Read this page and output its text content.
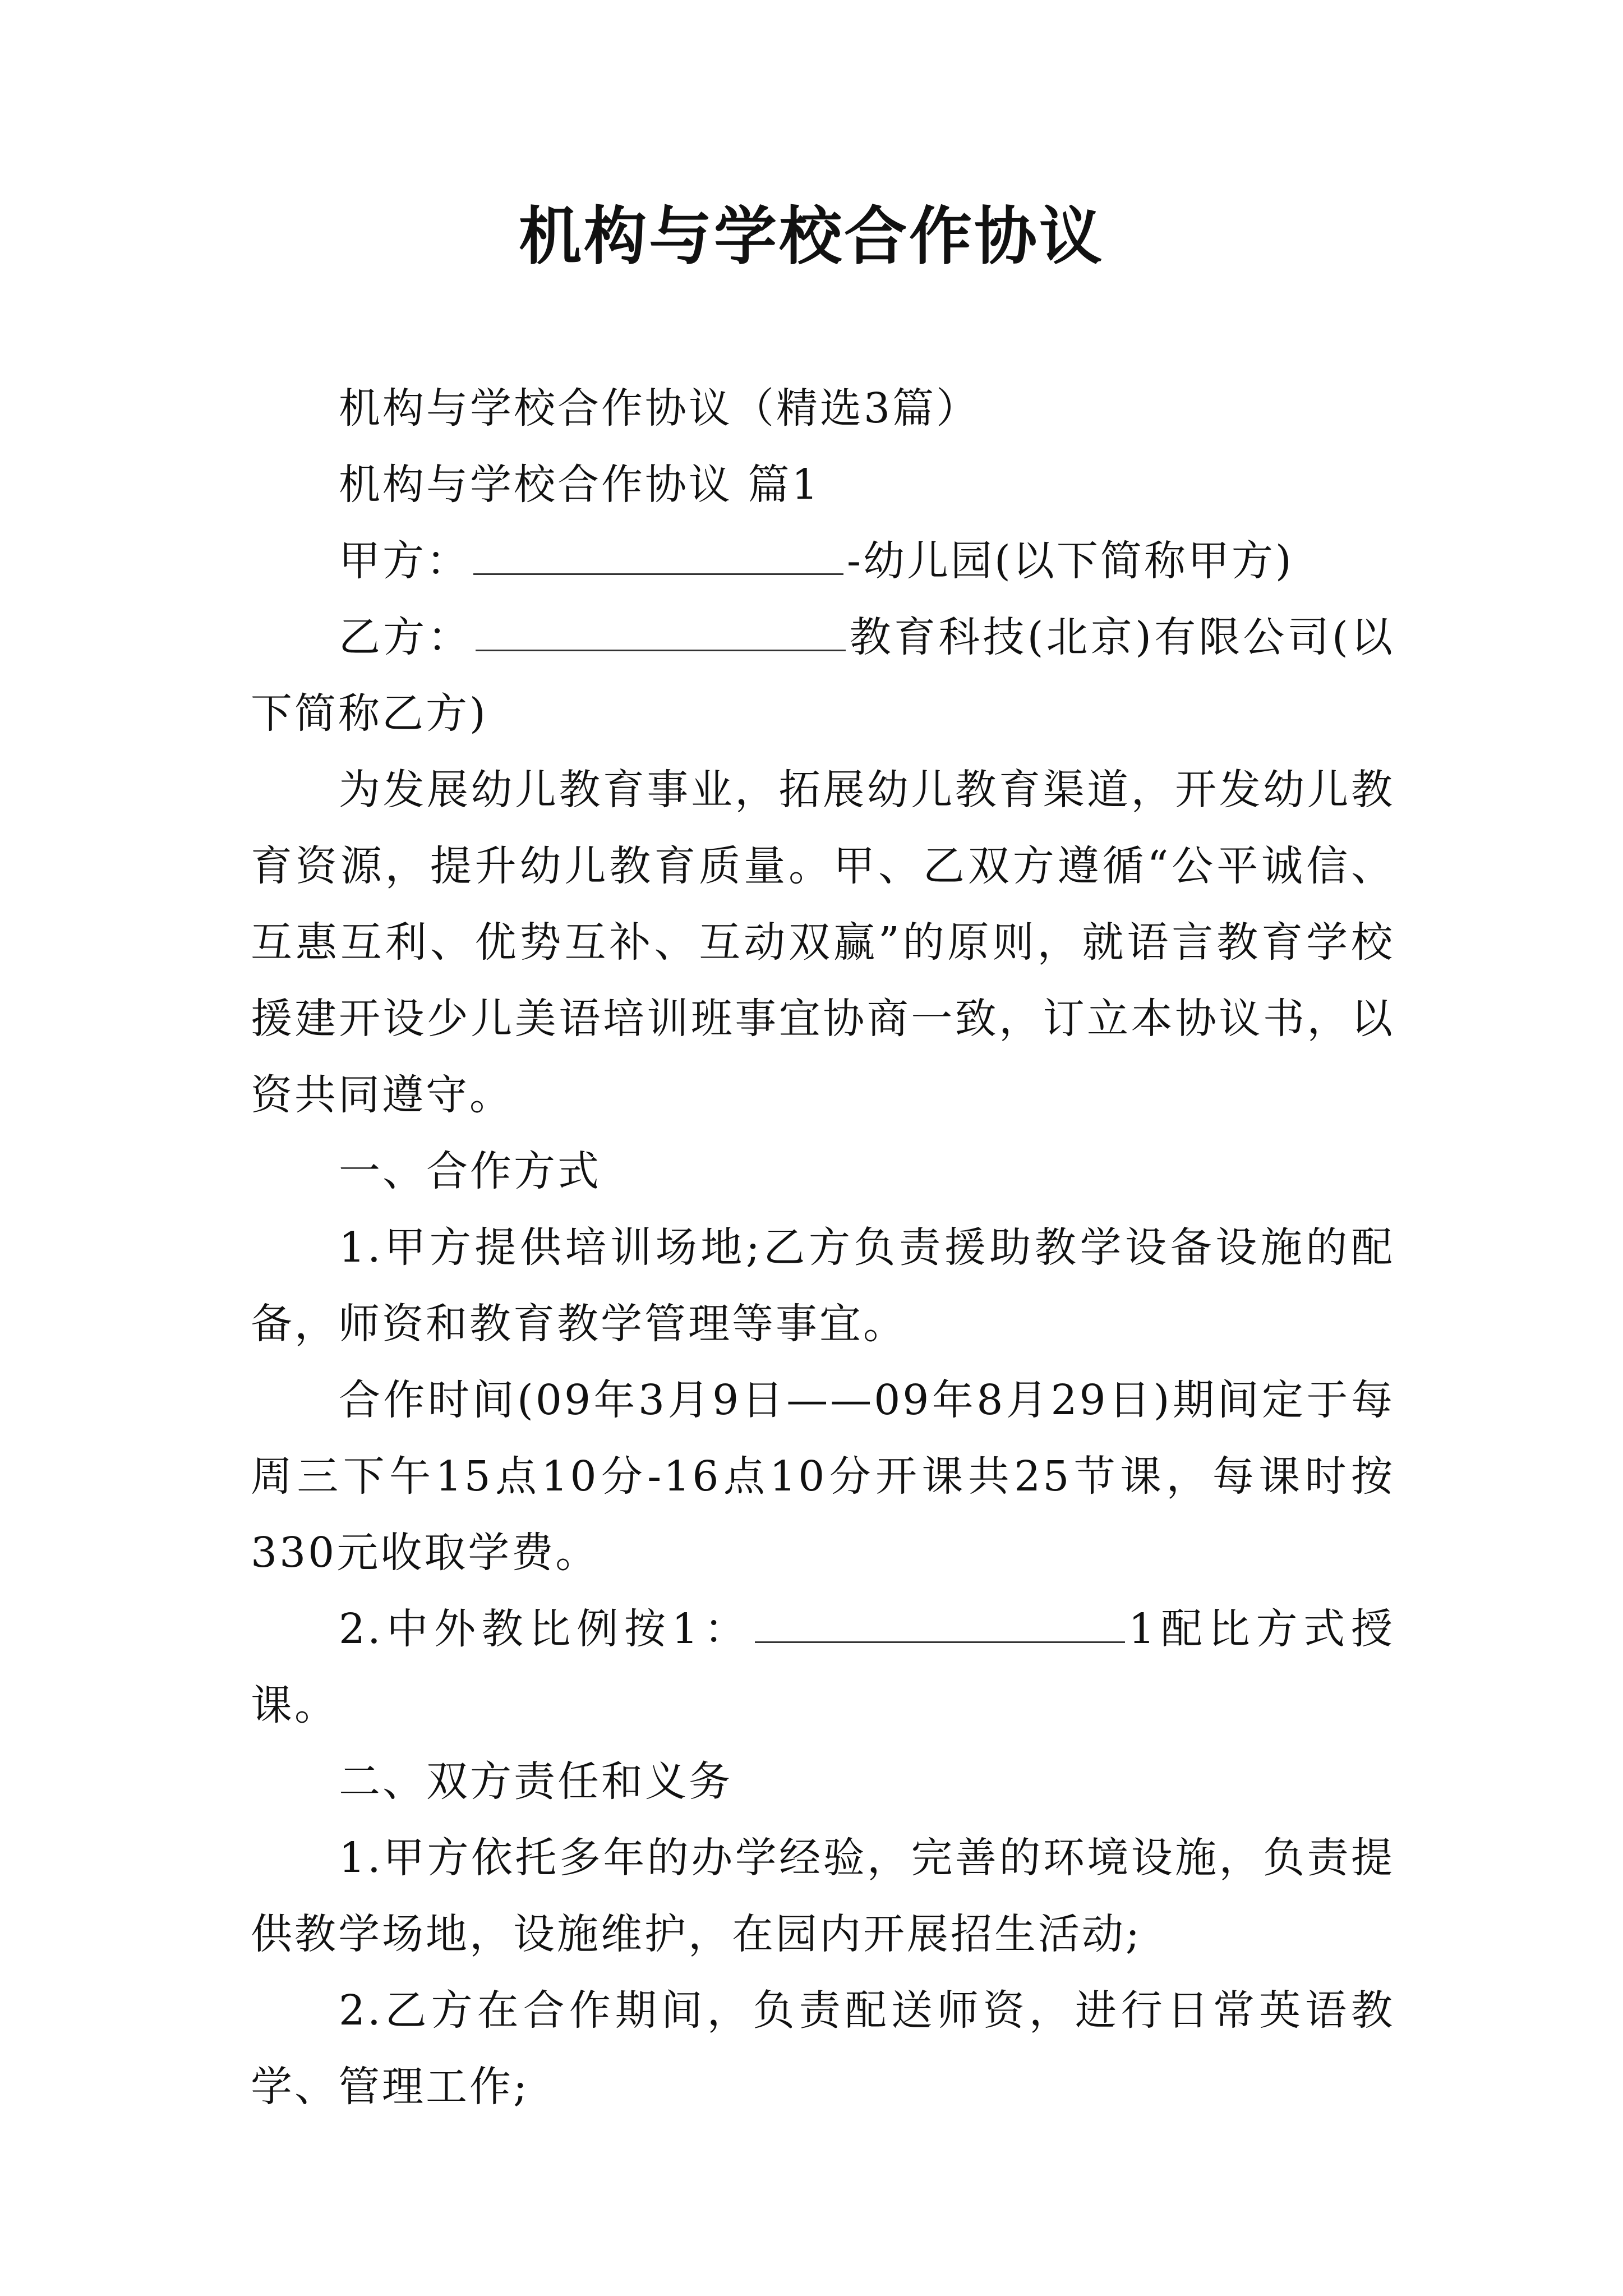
机构与学校合作协议

机构与学校合作协议（精选3篇）

机构与学校合作协议 篇1

甲方：	-幼儿园(以下简称甲方)

乙方：	教育科技(北京)有限公司(以下简称乙方)

为发展幼儿教育事业，拓展幼儿教育渠道，开发幼儿教育资源，提升幼儿教育质量。甲、乙双方遵循“公平诚信、互惠互利、优势互补、互动双赢”的原则，就语言教育学校援建开设少儿美语培训班事宜协商一致，订立本协议书，以资共同遵守。

一、合作方式

1.甲方提供培训场地;乙方负责援助教学设备设施的配备，师资和教育教学管理等事宜。

合作时间(09年3月9日——09年8月29日)期间定于每周三下午15点10分-16点10分开课共25节课，每课时按330元收取学费。

2.中外教比例按1：	1配比方式授课。

二、双方责任和义务

1.甲方依托多年的办学经验，完善的环境设施，负责提供教学场地，设施维护，在园内开展招生活动;

2.乙方在合作期间，负责配送师资，进行日常英语教学、管理工作;
